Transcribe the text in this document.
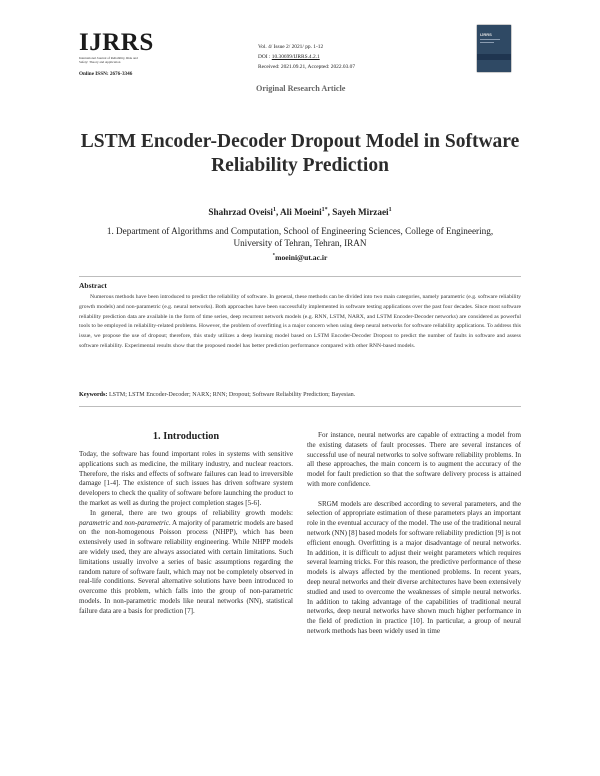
IJRRS
International Journal of Reliability, Risk and Safety: Theory and Application
Online ISSN: 2676-3346
Vol. 4/ Issue 2/ 2021/ pp. 1-12
DOI : 10.30699/IJRRS.4.2.1
Received: 2021.09.21, Accepted: 2022.03.07
Original Research Article
IJRRS
LSTM Encoder-Decoder Dropout Model in Software Reliability Prediction
Shahrzad Oveisi$^1$, Ali Moeini$^{1*}$, Sayeh Mirzaei$^1$
1. Department of Algorithms and Computation, School of Engineering Sciences, College of Engineering, University of Tehran, Tehran, IRAN
*moeini@ut.ac.ir
Abstract
Numerous methods have been introduced to predict the reliability of software. In general, these methods can be divided into two main categories, namely parametric (e.g. software reliability growth models) and non-parametric (e.g. neural networks). Both approaches have been successfully implemented in software testing applications over the past four decades. Since most software reliability prediction data are available in the form of time series, deep recurrent network models (e.g. RNN, LSTM, NARX, and LSTM Encoder-Decoder networks) are considered as powerful tools to be employed in reliability-related problems. However, the problem of overfitting is a major concern when using deep neural networks for software reliability applications. To address this issue, we propose the use of dropout; therefore, this study utilizes a deep learning model based on LSTM Encoder-Decoder Dropout to predict the number of faults in software and assess software reliability. Experimental results show that the proposed model has better prediction performance compared with other RNN-based models.
Keywords: LSTM; LSTM Encoder-Decoder; NARX; RNN; Dropout; Software Reliability Prediction; Bayesian.
1. Introduction

Today, the software has found important roles in systems with sensitive applications such as medicine, the military industry, and nuclear reactors. Therefore, the risks and effects of software failures can lead to irreversible damage [1-4]. The existence of such issues has driven software system developers to check the quality of software before launching the product to the market as well as during the project completion stages [5-6].

In general, there are two groups of reliability growth models: parametric and non-parametric. A majority of parametric models are based on the non-homogenous Poisson process (NHPP), which has been extensively used in software reliability engineering. While NHPP models are widely used, they are always associated with certain limitations. Such limitations usually involve a series of basic assumptions regarding the random nature of software fault, which may not be completely observed in real-life conditions. Several alternative solutions have been introduced to overcome this problem, which falls into the group of non-parametric models. In non-parametric models like neural networks (NN), statistical failure data are a basis for prediction [7].

For instance, neural networks are capable of extracting a model from the existing datasets of fault processes. There are several instances of successful use of neural networks to solve software reliability problems. In all these approaches, the main concern is to augment the accuracy of the model for fault prediction so that the software delivery process is attained with more confidence.

SRGM models are described according to several parameters, and the selection of appropriate estimation of these parameters plays an important role in the eventual accuracy of the model. The use of the traditional neural network (NN) [8] based models for software reliability prediction [9] is not efficient enough. Overfitting is a major disadvantage of neural networks. In addition, it is difficult to adjust their weight parameters which requires several learning tricks. For this reason, the predictive performance of these models is always affected by the mentioned problems. In recent years, deep neural networks and their diverse architectures have been extensively studied and used to overcome the weaknesses of simple neural networks. In addition to taking advantage of the capabilities of traditional neural networks, deep neural networks have shown much higher performance in the field of prediction in practice [10]. In particular, a group of neural network methods has been widely used in time
